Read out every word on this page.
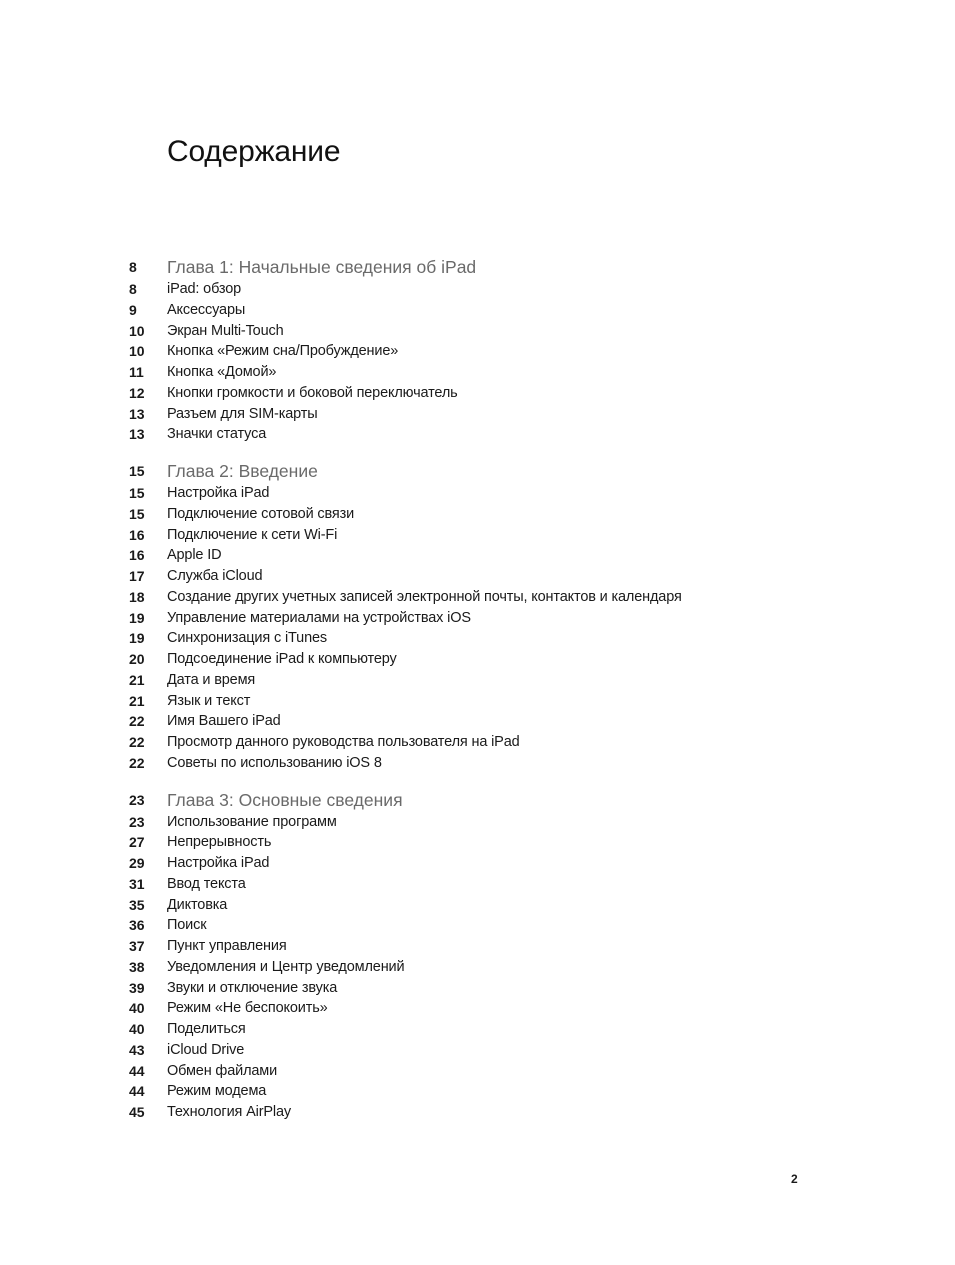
Содержание
8	Глава 1: Начальные сведения об iPad
8	iPad: обзор
9	Аксессуары
10	Экран Multi-Touch
10	Кнопка «Режим сна/Пробуждение»
11	Кнопка «Домой»
12	Кнопки громкости и боковой переключатель
13	Разъем для SIM-карты
13	Значки статуса
15	Глава 2: Введение
15	Настройка iPad
15	Подключение сотовой связи
16	Подключение к сети Wi-Fi
16	Apple ID
17	Служба iCloud
18	Создание других учетных записей электронной почты, контактов и календаря
19	Управление материалами на устройствах iOS
19	Синхронизация с iTunes
20	Подсоединение iPad к компьютеру
21	Дата и время
21	Язык и текст
22	Имя Вашего iPad
22	Просмотр данного руководства пользователя на iPad
22	Советы по использованию iOS 8
23	Глава 3: Основные сведения
23	Использование программ
27	Непрерывность
29	Настройка iPad
31	Ввод текста
35	Диктовка
36	Поиск
37	Пункт управления
38	Уведомления и Центр уведомлений
39	Звуки и отключение звука
40	Режим «Не беспокоить»
40	Поделиться
43	iCloud Drive
44	Обмен файлами
44	Режим модема
45	Технология AirPlay
2
